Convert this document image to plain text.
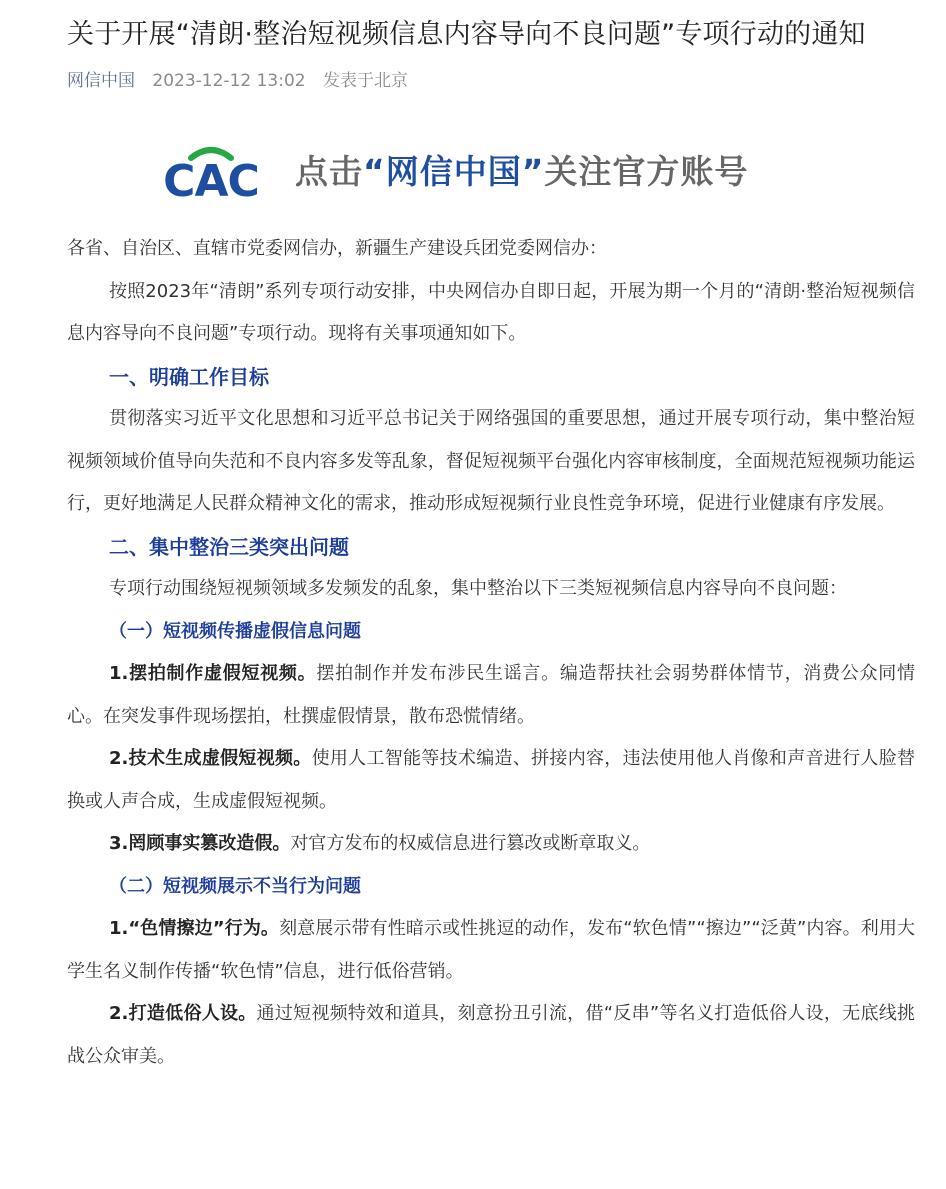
关于开展“清朗·整治短视频信息内容导向不良问题”专项行动的通知
网信中国 2023-12-12 13:02 发表于北京
CAC 点击“网信中国”关注官方账号

各省、自治区、直辖市党委网信办，新疆生产建设兵团党委网信办：

按照2023年“清朗”系列专项行动安排，中央网信办自即日起，开展为期一个月的“清朗·整治短视频信息内容导向不良问题”专项行动。现将有关事项通知如下。

一、明确工作目标

贯彻落实习近平文化思想和习近平总书记关于网络强国的重要思想，通过开展专项行动，集中整治短视频领域价值导向失范和不良内容多发等乱象，督促短视频平台强化内容审核制度，全面规范短视频功能运行，更好地满足人民群众精神文化的需求，推动形成短视频行业良性竞争环境，促进行业健康有序发展。

二、集中整治三类突出问题

专项行动围绕短视频领域多发频发的乱象，集中整治以下三类短视频信息内容导向不良问题：

（一）短视频传播虚假信息问题

1.摆拍制作虚假短视频。摆拍制作并发布涉民生谣言。编造帮扶社会弱势群体情节，消费公众同情心。在突发事件现场摆拍，杜撰虚假情景，散布恐慌情绪。

2.技术生成虚假短视频。使用人工智能等技术编造、拼接内容，违法使用他人肖像和声音进行人脸替换或人声合成，生成虚假短视频。

3.罔顾事实篡改造假。对官方发布的权威信息进行篡改或断章取义。

（二）短视频展示不当行为问题

1.“色情擦边”行为。刻意展示带有性暗示或性挑逗的动作，发布“软色情”“擦边”“泛黄”内容。利用大学生名义制作传播“软色情”信息，进行低俗营销。

2.打造低俗人设。通过短视频特效和道具，刻意扮丑引流，借“反串”等名义打造低俗人设，无底线挑战公众审美。
